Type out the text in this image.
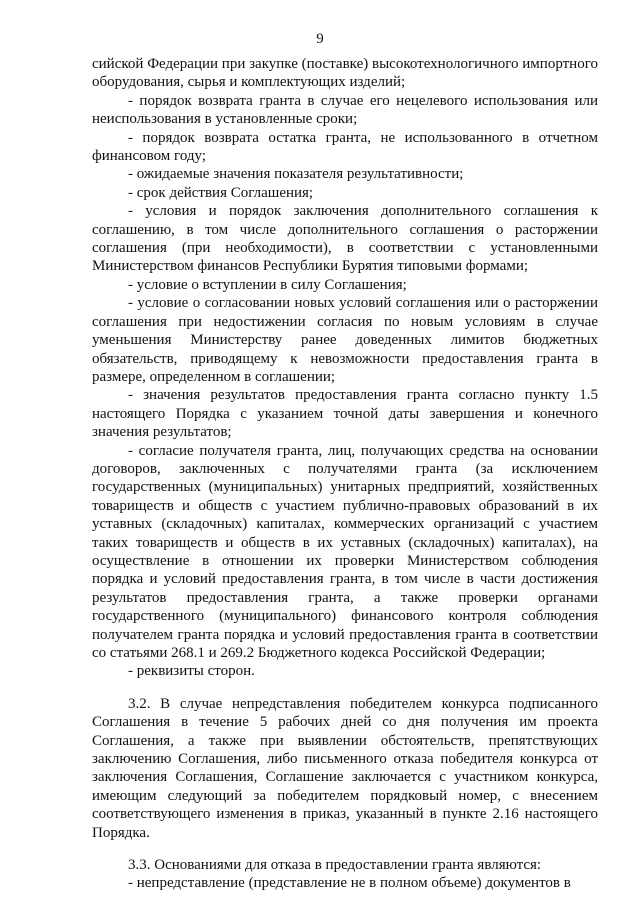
9

сийской Федерации при закупке (поставке) высокотехнологичного импортного оборудования, сырья и комплектующих изделий;

- порядок возврата гранта в случае его нецелевого использования или неиспользования в установленные сроки;

- порядок возврата остатка гранта, не использованного в отчетном финансовом году;

- ожидаемые значения показателя результативности;

- срок действия Соглашения;

- условия и порядок заключения дополнительного соглашения к соглашению, в том числе дополнительного соглашения о расторжении соглашения (при необходимости), в соответствии с установленными Министерством финансов Республики Бурятия типовыми формами;

- условие о вступлении в силу Соглашения;

- условие о согласовании новых условий соглашения или о расторжении соглашения при недостижении согласия по новым условиям в случае уменьшения Министерству ранее доведенных лимитов бюджетных обязательств, приводящему к невозможности предоставления гранта в размере, определенном в соглашении;

- значения результатов предоставления гранта согласно пункту 1.5 настоящего Порядка с указанием точной даты завершения и конечного значения результатов;

- согласие получателя гранта, лиц, получающих средства на основании договоров, заключенных с получателями гранта (за исключением государственных (муниципальных) унитарных предприятий, хозяйственных товариществ и обществ с участием публично-правовых образований в их уставных (складочных) капиталах, коммерческих организаций с участием таких товариществ и обществ в их уставных (складочных) капиталах), на осуществление в отношении их проверки Министерством соблюдения порядка и условий предоставления гранта, в том числе в части достижения результатов предоставления гранта, а также проверки органами государственного (муниципального) финансового контроля соблюдения получателем гранта порядка и условий предоставления гранта в соответствии со статьями 268.1 и 269.2 Бюджетного кодекса Российской Федерации;

- реквизиты сторон.

3.2. В случае непредставления победителем конкурса подписанного Соглашения в течение 5 рабочих дней со дня получения им проекта Соглашения, а также при выявлении обстоятельств, препятствующих заключению Соглашения, либо письменного отказа победителя конкурса от заключения Соглашения, Соглашение заключается с участником конкурса, имеющим следующий за победителем порядковый номер, с внесением соответствующего изменения в приказ, указанный в пункте 2.16 настоящего Порядка.

3.3. Основаниями для отказа в предоставлении гранта являются:

- непредставление (представление не в полном объеме) документов в
